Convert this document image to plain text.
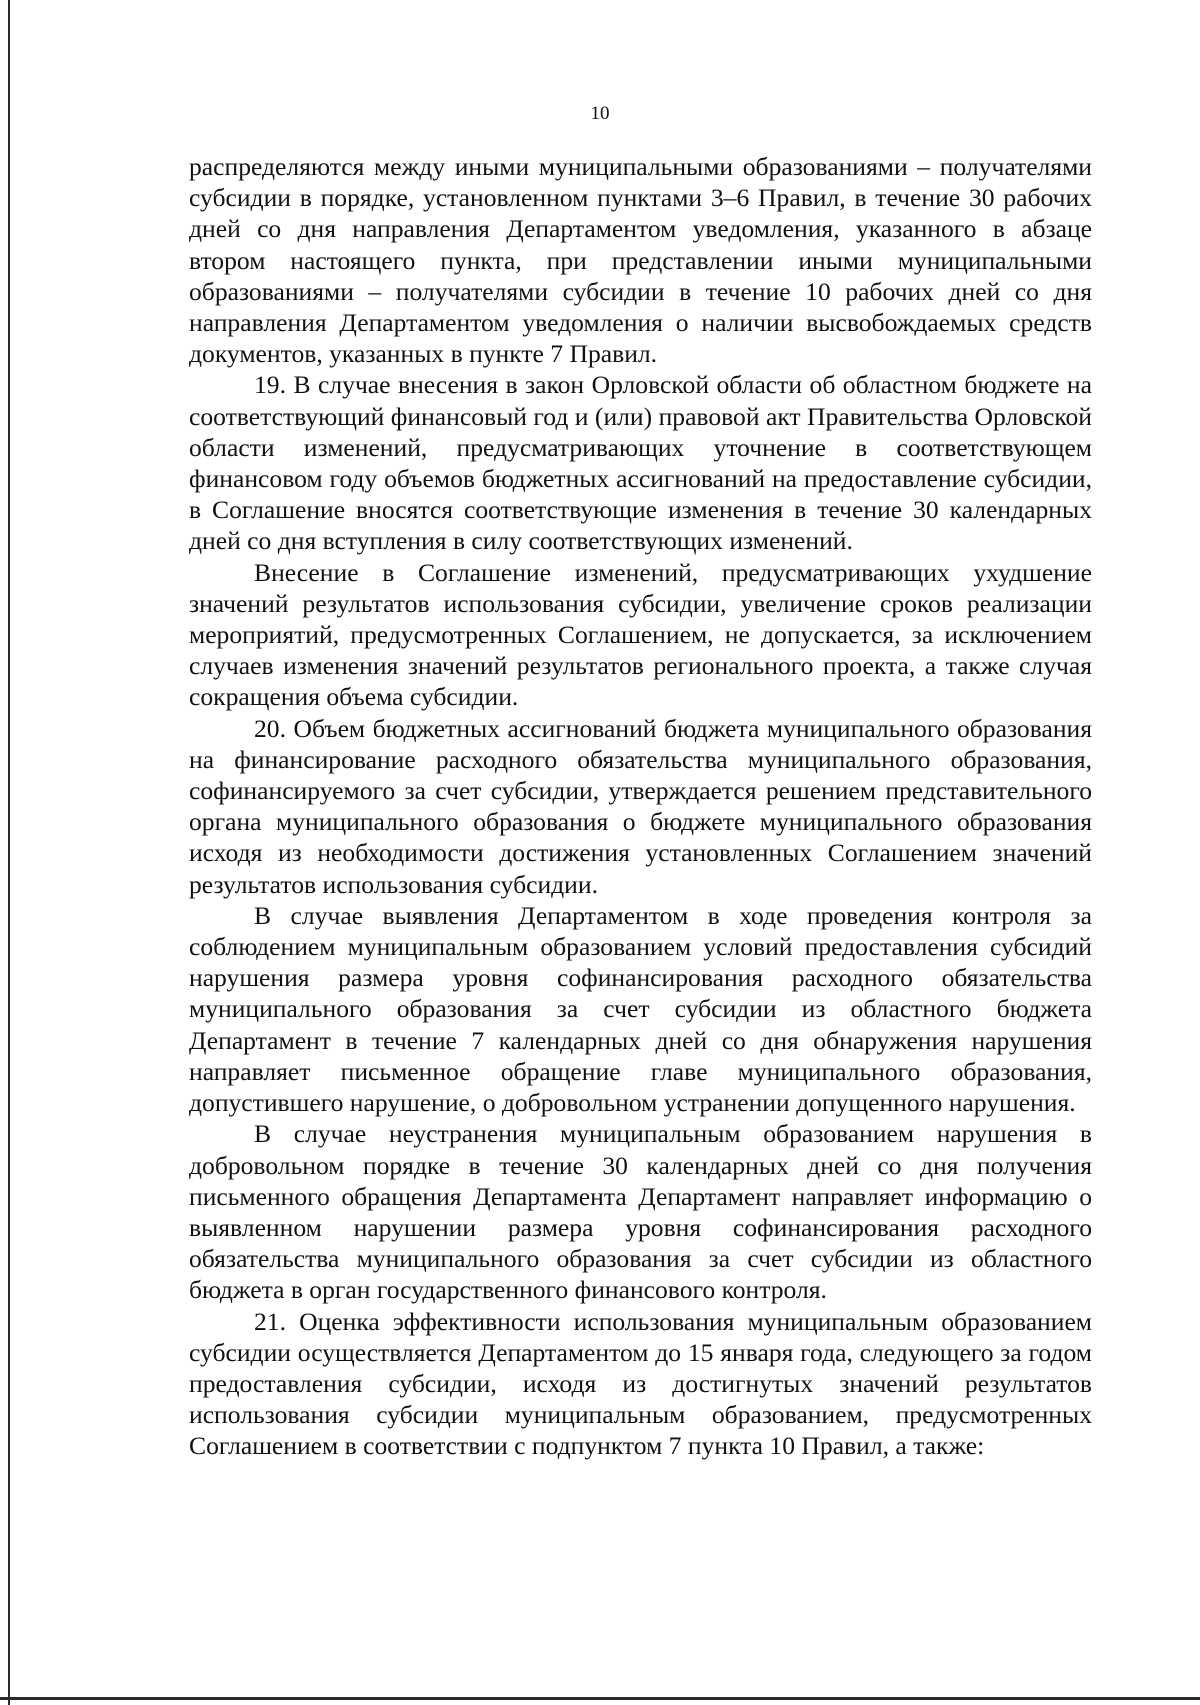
10

распределяются между иными муниципальными образованиями – получателями субсидии в порядке, установленном пунктами 3–6 Правил, в течение 30 рабочих дней со дня направления Департаментом уведомления, указанного в абзаце втором настоящего пункта, при представлении иными муниципальными образованиями – получателями субсидии в течение 10 рабочих дней со дня направления Департаментом уведомления о наличии высвобождаемых средств документов, указанных в пункте 7 Правил.

19. В случае внесения в закон Орловской области об областном бюджете на соответствующий финансовый год и (или) правовой акт Правительства Орловской области изменений, предусматривающих уточнение в соответствующем финансовом году объемов бюджетных ассигнований на предоставление субсидии, в Соглашение вносятся соответствующие изменения в течение 30 календарных дней со дня вступления в силу соответствующих изменений.

Внесение в Соглашение изменений, предусматривающих ухудшение значений результатов использования субсидии, увеличение сроков реализации мероприятий, предусмотренных Соглашением, не допускается, за исключением случаев изменения значений результатов регионального проекта, а также случая сокращения объема субсидии.

20. Объем бюджетных ассигнований бюджета муниципального образования на финансирование расходного обязательства муниципального образования, софинансируемого за счет субсидии, утверждается решением представительного органа муниципального образования о бюджете муниципального образования исходя из необходимости достижения установленных Соглашением значений результатов использования субсидии.

В случае выявления Департаментом в ходе проведения контроля за соблюдением муниципальным образованием условий предоставления субсидий нарушения размера уровня софинансирования расходного обязательства муниципального образования за счет субсидии из областного бюджета Департамент в течение 7 календарных дней со дня обнаружения нарушения направляет письменное обращение главе муниципального образования, допустившего нарушение, о добровольном устранении допущенного нарушения.

В случае неустранения муниципальным образованием нарушения в добровольном порядке в течение 30 календарных дней со дня получения письменного обращения Департамента Департамент направляет информацию о выявленном нарушении размера уровня софинансирования расходного обязательства муниципального образования за счет субсидии из областного бюджета в орган государственного финансового контроля.

21. Оценка эффективности использования муниципальным образованием субсидии осуществляется Департаментом до 15 января года, следующего за годом предоставления субсидии, исходя из достигнутых значений результатов использования субсидии муниципальным образованием, предусмотренных Соглашением в соответствии с подпунктом 7 пункта 10 Правил, а также:
